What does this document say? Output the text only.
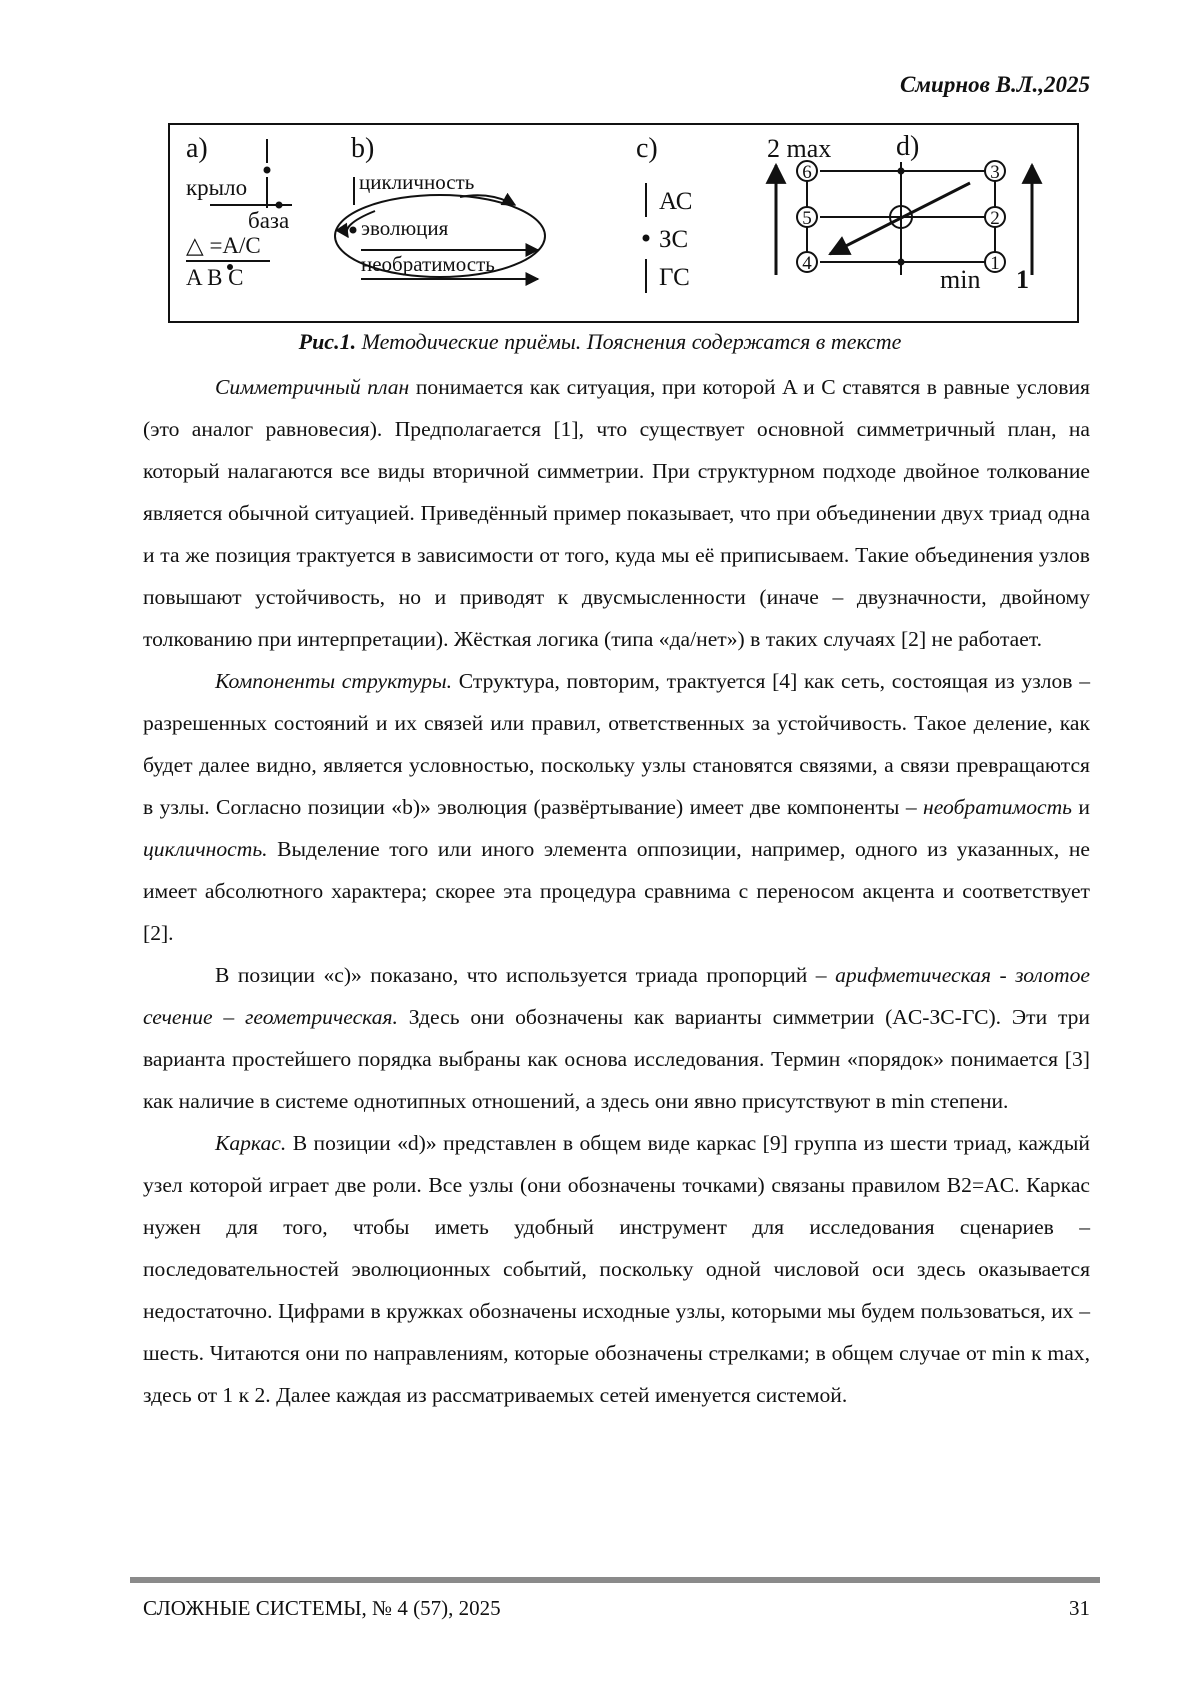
Смирнов В.Л.,2025
a)
крыло
база
△ =A/C
A B C
b)
цикличность
эволюция
необратимость
c)
АС
ЗС
ГС
2 max d)
6
5
4
3
2
1
min 1
Рис.1. Методические приёмы. Пояснения содержатся в тексте

Симметричный план понимается как ситуация, при которой A и C ставятся в равные условия (это аналог равновесия). Предполагается [1], что существует основной симметричный план, на который налагаются все виды вторичной симметрии. При структурном подходе двойное толкование является обычной ситуацией. Приведённый пример показывает, что при объединении двух триад одна и та же позиция трактуется в зависимости от того, куда мы её приписываем. Такие объединения узлов повышают устойчивость, но и приводят к двусмысленности (иначе – двузначности, двойному толкованию при интерпретации). Жёсткая логика (типа «да/нет») в таких случаях [2] не работает.

Компоненты структуры. Структура, повторим, трактуется [4] как сеть, состоящая из узлов – разрешенных состояний и их связей или правил, ответственных за устойчивость. Такое деление, как будет далее видно, является условностью, поскольку узлы становятся связями, а связи превращаются в узлы. Согласно позиции «b)» эволюция (развёртывание) имеет две компоненты – необратимость и цикличность. Выделение того или иного элемента оппозиции, например, одного из указанных, не имеет абсолютного характера; скорее эта процедура сравнима с переносом акцента и соответствует [2].

В позиции «c)» показано, что используется триада пропорций – арифметическая - золотое сечение – геометрическая. Здесь они обозначены как варианты симметрии (AC-ЗС-ГС). Эти три варианта простейшего порядка выбраны как основа исследования. Термин «порядок» понимается [3] как наличие в системе однотипных отношений, а здесь они явно присутствуют в min степени.

Каркас. В позиции «d)» представлен в общем виде каркас [9] группа из шести триад, каждый узел которой играет две роли. Все узлы (они обозначены точками) связаны правилом B2=AC. Каркас нужен для того, чтобы иметь удобный инструмент для исследования сценариев – последовательностей эволюционных событий, поскольку одной числовой оси здесь оказывается недостаточно. Цифрами в кружках обозначены исходные узлы, которыми мы будем пользоваться, их – шесть. Читаются они по направлениям, которые обозначены стрелками; в общем случае от min к max, здесь от 1 к 2. Далее каждая из рассматриваемых сетей именуется системой.

СЛОЖНЫЕ СИСТЕМЫ, № 4 (57), 2025	31
